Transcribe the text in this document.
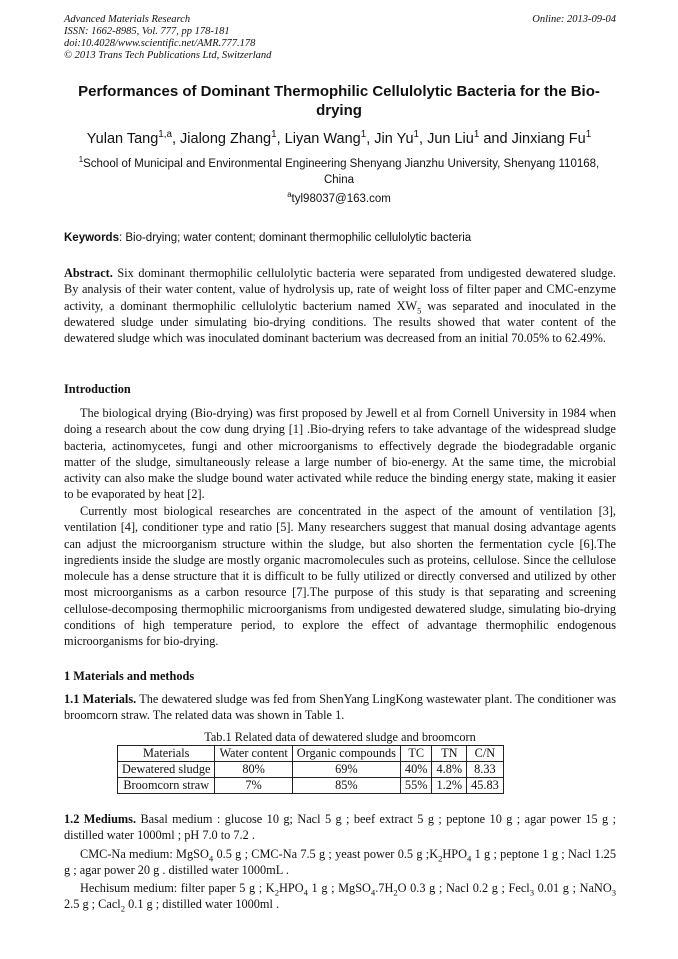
Advanced Materials Research
ISSN: 1662-8985, Vol. 777, pp 178-181
doi:10.4028/www.scientific.net/AMR.777.178
© 2013 Trans Tech Publications Ltd, Switzerland
Online: 2013-09-04
Performances of Dominant Thermophilic Cellulolytic Bacteria for the Bio-drying
Yulan Tang$^{1,a}$, Jialong Zhang$^1$, Liyan Wang$^1$, Jin Yu$^1$, Jun Liu$^1$ and Jinxiang Fu$^1$
$^1$School of Municipal and Environmental Engineering Shenyang Jianzhu University, Shenyang 110168, China
$^a$tyl98037@163.com
Keywords: Bio-drying; water content; dominant thermophilic cellulolytic bacteria

Abstract. Six dominant thermophilic cellulolytic bacteria were separated from undigested dewatered sludge. By analysis of their water content, value of hydrolysis up, rate of weight loss of filter paper and CMC-enzyme activity, a dominant thermophilic cellulolytic bacterium named $XW_5$ was separated and inoculated in the dewatered sludge under simulating bio-drying conditions. The results showed that water content of the dewatered sludge which was inoculated dominant bacterium was decreased from an initial 70.05% to 62.49%.

Introduction

The biological drying (Bio-drying) was first proposed by Jewell et al from Cornell University in 1984 when doing a research about the cow dung drying [1] .Bio-drying refers to take advantage of the widespread sludge bacteria, actinomycetes, fungi and other microorganisms to effectively degrade the biodegradable organic matter of the sludge, simultaneously release a large number of bio-energy. At the same time, the microbial activity can also make the sludge bound water activated while reduce the binding energy state, making it easier to be evaporated by heat [2].

Currently most biological researches are concentrated in the aspect of the amount of ventilation [3], ventilation [4], conditioner type and ratio [5]. Many researchers suggest that manual dosing advantage agents can adjust the microorganism structure within the sludge, but also shorten the fermentation cycle [6].The ingredients inside the sludge are mostly organic macromolecules such as proteins, cellulose. Since the cellulose molecule has a dense structure that it is difficult to be fully utilized or directly conversed and utilized by other most microorganisms as a carbon resource [7].The purpose of this study is that separating and screening cellulose-decomposing thermophilic microorganisms from undigested dewatered sludge, simulating bio-drying conditions of high temperature period, to explore the effect of advantage thermophilic endogenous microorganisms for bio-drying.

1 Materials and methods

1.1 Materials. The dewatered sludge was fed from ShenYang LingKong wastewater plant. The conditioner was broomcorn straw. The related data was shown in Table 1.

Tab.1 Related data of dewatered sludge and broomcorn
Materials	Water content	Organic compounds	TC	TN	C/N
Dewatered sludge	80%	69%	40%	4.8%	8.33
Broomcorn straw	7%	85%	55%	1.2%	45.83

1.2 Mediums. Basal medium : glucose 10 g; Nacl 5 g ; beef extract 5 g ; peptone 10 g ; agar power 15 g ; distilled water 1000ml ; pH 7.0 to 7.2 .

CMC-Na medium: MgSO$_4$ 0.5 g ; CMC-Na 7.5 g ; yeast power 0.5 g $;K_2HPO_4$ 1 g ; peptone 1 g ; Nacl 1.25 g ; agar power 20 g . distilled water 1000mL .

Hechisum medium: filter paper 5 g ; $K_2HPO_4$ 1 g ; $MgSO_4.7H_2O$ 0.3 g ; Nacl 0.2 g ; Fecl$_3$ 0.01 g ; NaNO$_3$ 2.5 g ; Cacl$_2$ 0.1 g ; distilled water 1000ml .
